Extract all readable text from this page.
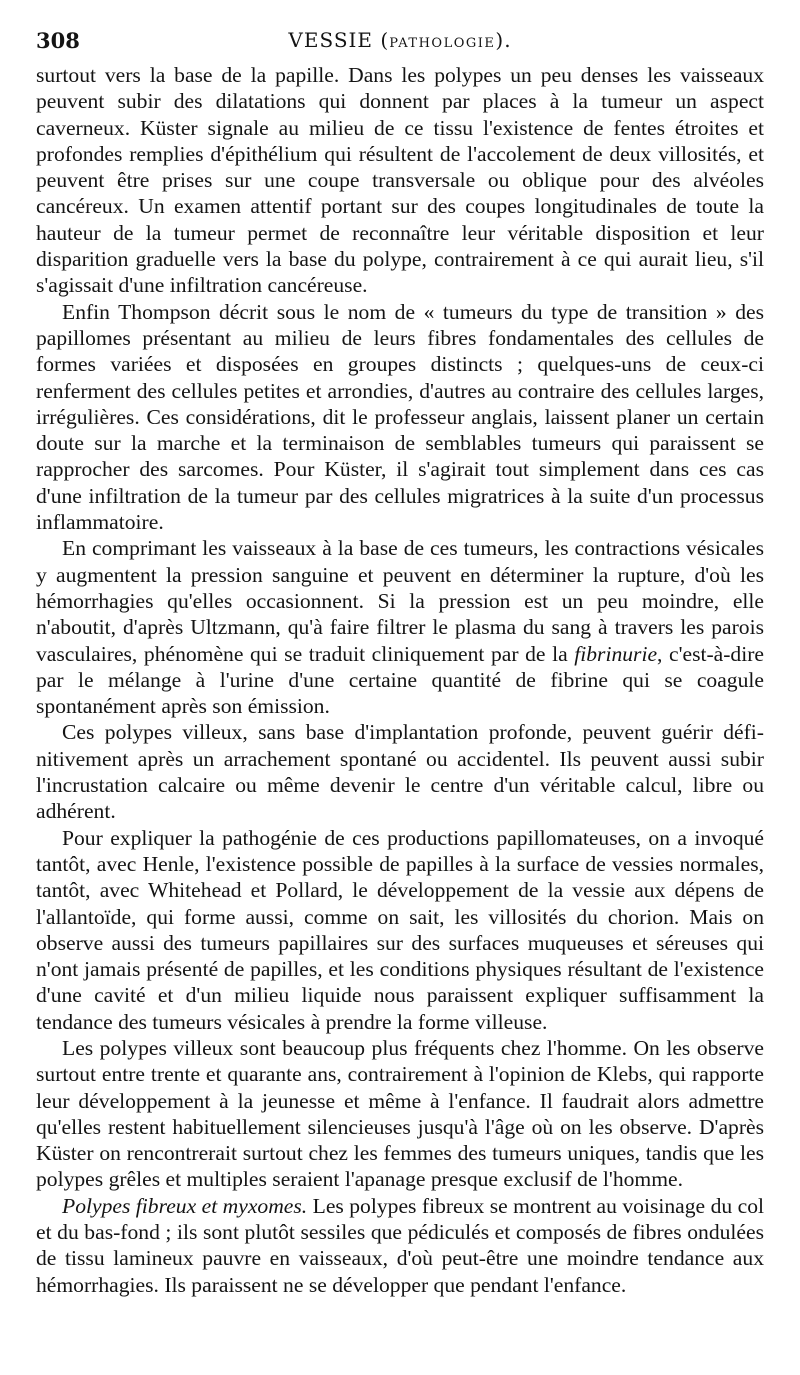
308	VESSIE (PATHOLOGIE).

surtout vers la base de la papille. Dans les polypes un peu denses les vaisseaux peuvent subir des dilatations qui donnent par places à la tumeur un aspect caverneux. Küster signale au milieu de ce tissu l'existence de fentes étroites et profondes remplies d'épithélium qui résultent de l'accolement de deux villosités, et peuvent être prises sur une coupe transversale ou oblique pour des alvéoles cancéreux. Un examen attentif portant sur des coupes longitudinales de toute la hauteur de la tumeur permet de reconnaître leur véritable disposition et leur disparition graduelle vers la base du polype, contrairement à ce qui aurait lieu, s'il s'agissait d'une infiltration cancéreuse.

Enfin Thompson décrit sous le nom de « tumeurs du type de transition » des papillomes présentant au milieu de leurs fibres fondamentales des cellules de formes variées et disposées en groupes distincts ; quelques-uns de ceux-ci renferment des cellules petites et arrondies, d'autres au contraire des cellules larges, irrégulières. Ces considérations, dit le professeur anglais, laissent planer un certain doute sur la marche et la terminaison de semblables tumeurs qui paraissent se rapprocher des sarcomes. Pour Küster, il s'agirait tout simplement dans ces cas d'une infiltration de la tumeur par des cellules migratrices à la suite d'un processus inflammatoire.

En comprimant les vaisseaux à la base de ces tumeurs, les contractions vésicales y augmentent la pression sanguine et peuvent en déterminer la rupture, d'où les hémorrhagies qu'elles occasionnent. Si la pression est un peu moindre, elle n'aboutit, d'après Ultzmann, qu'à faire filtrer le plasma du sang à travers les parois vasculaires, phénomène qui se traduit cliniquement par de la fibrinurie, c'est-à-dire par le mélange à l'urine d'une certaine quantité de fibrine qui se coagule spontanément après son émission.

Ces polypes villeux, sans base d'implantation profonde, peuvent guérir définitivement après un arrachement spontané ou accidentel. Ils peuvent aussi subir l'incrustation calcaire ou même devenir le centre d'un véritable calcul, libre ou adhérent.

Pour expliquer la pathogénie de ces productions papillomateuses, on a invoqué tantôt, avec Henle, l'existence possible de papilles à la surface de vessies normales, tantôt, avec Whitehead et Pollard, le développement de la vessie aux dépens de l'allantoïde, qui forme aussi, comme on sait, les villosités du chorion. Mais on observe aussi des tumeurs papillaires sur des surfaces muqueuses et séreuses qui n'ont jamais présenté de papilles, et les conditions physiques résultant de l'existence d'une cavité et d'un milieu liquide nous paraissent expliquer suffisamment la tendance des tumeurs vésicales à prendre la forme villeuse.

Les polypes villeux sont beaucoup plus fréquents chez l'homme. On les observe surtout entre trente et quarante ans, contrairement à l'opinion de Klebs, qui rapporte leur développement à la jeunesse et même à l'enfance. Il faudrait alors admettre qu'elles restent habituellement silencieuses jusqu'à l'âge où on les observe. D'après Küster on rencontrerait surtout chez les femmes des tumeurs uniques, tandis que les polypes grêles et multiples seraient l'apanage presque exclusif de l'homme.

Polypes fibreux et myxomes. Les polypes fibreux se montrent au voisinage du col et du bas-fond ; ils sont plutôt sessiles que pédiculés et composés de fibres ondulées de tissu lamineux pauvre en vaisseaux, d'où peut-être une moindre tendance aux hémorrhagies. Ils paraissent ne se développer que pendant l'enfance.
